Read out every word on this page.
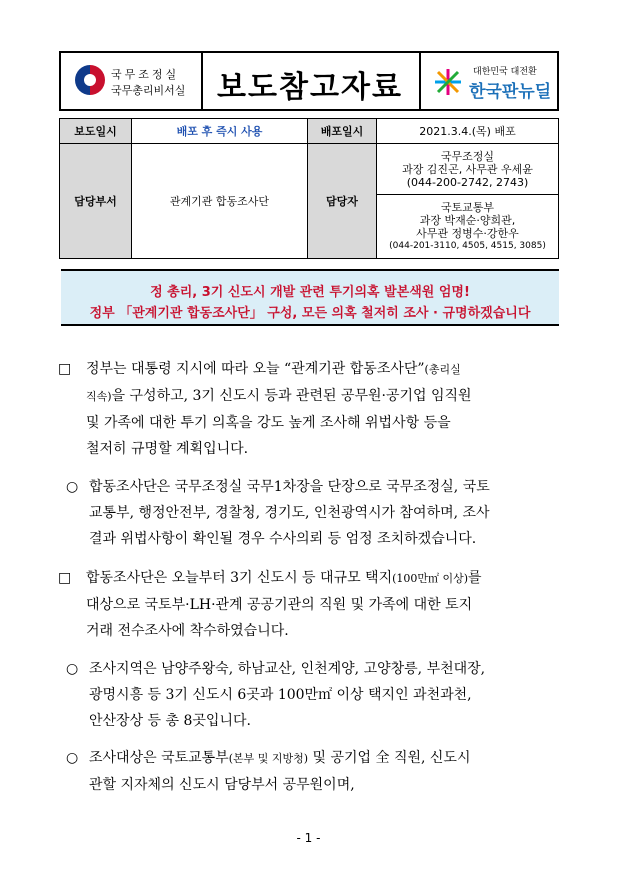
국무조정실
국무총리비서실	보도참고자료	대한민국 대전환
한국판뉴딜
보도일시	배포 후 즉시 사용	배포일시	2021.3.4.(목) 배포
담당부서	관계기관 합동조사단	담당자	국무조정실
과장 김진곤, 사무관 우세윤
(044-200-2742, 2743)

			국토교통부
과장 박재순·양희관,
사무관 정병수·강한우
(044-201-3110, 4505, 4515, 3085)
정 총리, 3기 신도시 개발 관련 투기의혹 발본색원 엄명!
정부 「관계기관 합동조사단」 구성, 모든 의혹 철저히 조사 · 규명하겠습니다
□	정부는 대통령 지시에 따라 오늘 “관계기관 합동조사단”(총리실
직속)을 구성하고, 3기 신도시 등과 관련된 공무원·공기업 임직원
및 가족에 대한 투기 의혹을 강도 높게 조사해 위법사항 등을
철저히 규명할 계획입니다.
○ 합동조사단은 국무조정실 국무1차장을 단장으로 국무조정실, 국토
교통부, 행정안전부, 경찰청, 경기도, 인천광역시가 참여하며, 조사
결과 위법사항이 확인될 경우 수사의뢰 등 엄정 조치하겠습니다.
□	합동조사단은 오늘부터 3기 신도시 등 대규모 택지(100만㎡ 이상)를
대상으로 국토부·LH·관계 공공기관의 직원 및 가족에 대한 토지
거래 전수조사에 착수하였습니다.
○ 조사지역은 남양주왕숙, 하남교산, 인천계양, 고양창릉, 부천대장,
광명시흥 등 3기 신도시 6곳과 100만㎡ 이상 택지인 과천과천,
안산장상 등 총 8곳입니다.
○ 조사대상은 국토교통부(본부 및 지방청) 및 공기업 全 직원, 신도시
관할 지자체의 신도시 담당부서 공무원이며,
- 1 -
